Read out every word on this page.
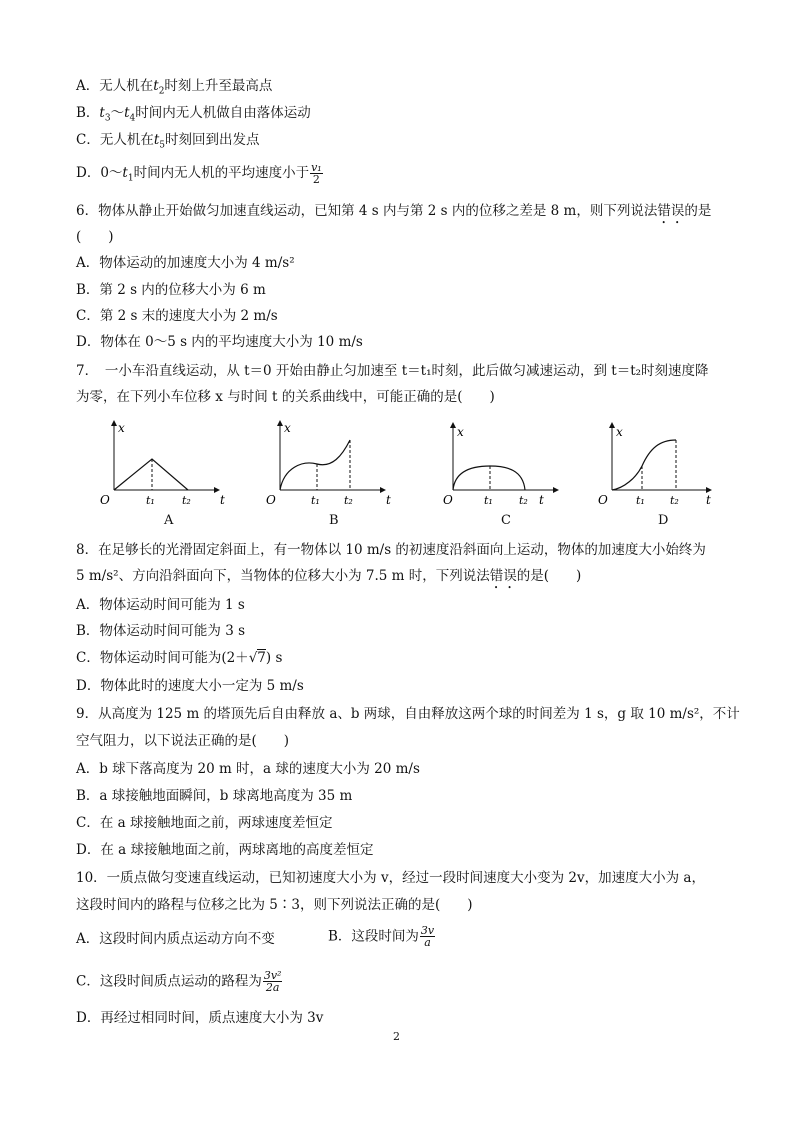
A．无人机在$t_2$时刻上升至最高点
B．$t_3\sim t_4$时间内无人机做自由落体运动
C．无人机在$t_5$时刻回到出发点
D．$0\sim t_1$时间内无人机的平均速度小于 $\frac{\text{v₁}}{2}$
6．物体从静止开始做匀加速直线运动，已知第 4 s 内与第 2 s 内的位移之差是 8 m，则下列说法错误的是
(　　)
A．物体运动的加速度大小为 4 m/s²
B．第 2 s 内的位移大小为 6 m
C．第 2 s 末的速度大小为 2 m/s
D．物体在 0～5 s 内的平均速度大小为 10 m/s
7．　一小车沿直线运动，从 t＝0 开始由静止匀加速至 t＝t₁时刻，此后做匀减速运动，到 t＝t₂时刻速度降
为零，在下列小车位移 x 与时间 t 的关系曲线中，可能正确的是(　　)
x
t
O	t₁ t₂
A
x
t
O	t₁ t₂
B
x
t
O	t₁ t₂
C
x
t
O	t₁ t₂
D
8．在足够长的光滑固定斜面上，有一物体以 10 m/s 的初速度沿斜面向上运动，物体的加速度大小始终为
5 m/s²、方向沿斜面向下，当物体的位移大小为 7.5 m 时，下列说法错误的是(　　)
A．物体运动时间可能为 1 s
B．物体运动时间可能为 3 s
C．物体运动时间可能为(2＋√7) s
D．物体此时的速度大小一定为 5 m/s
9．从高度为 125 m 的塔顶先后自由释放 a、b 两球，自由释放这两个球的时间差为 1 s，g 取 10 m/s²，不计
空气阻力，以下说法正确的是(　　)
A．b 球下落高度为 20 m 时，a 球的速度大小为 20 m/s
B．a 球接触地面瞬间，b 球离地高度为 35 m
C．在 a 球接触地面之前，两球速度差恒定
D．在 a 球接触地面之前，两球离地的高度差恒定
10．一质点做匀变速直线运动，已知初速度大小为 v，经过一段时间速度大小变为 2v，加速度大小为 a，
这段时间内的路程与位移之比为 5∶3，则下列说法正确的是(　　)
A．这段时间内质点运动方向不变	B．这段时间为 $\frac{3v}{a}$
C．这段时间质点运动的路程为 $\frac{\text{3v²}}{2a}$
D．再经过相同时间，质点速度大小为 3v
2
